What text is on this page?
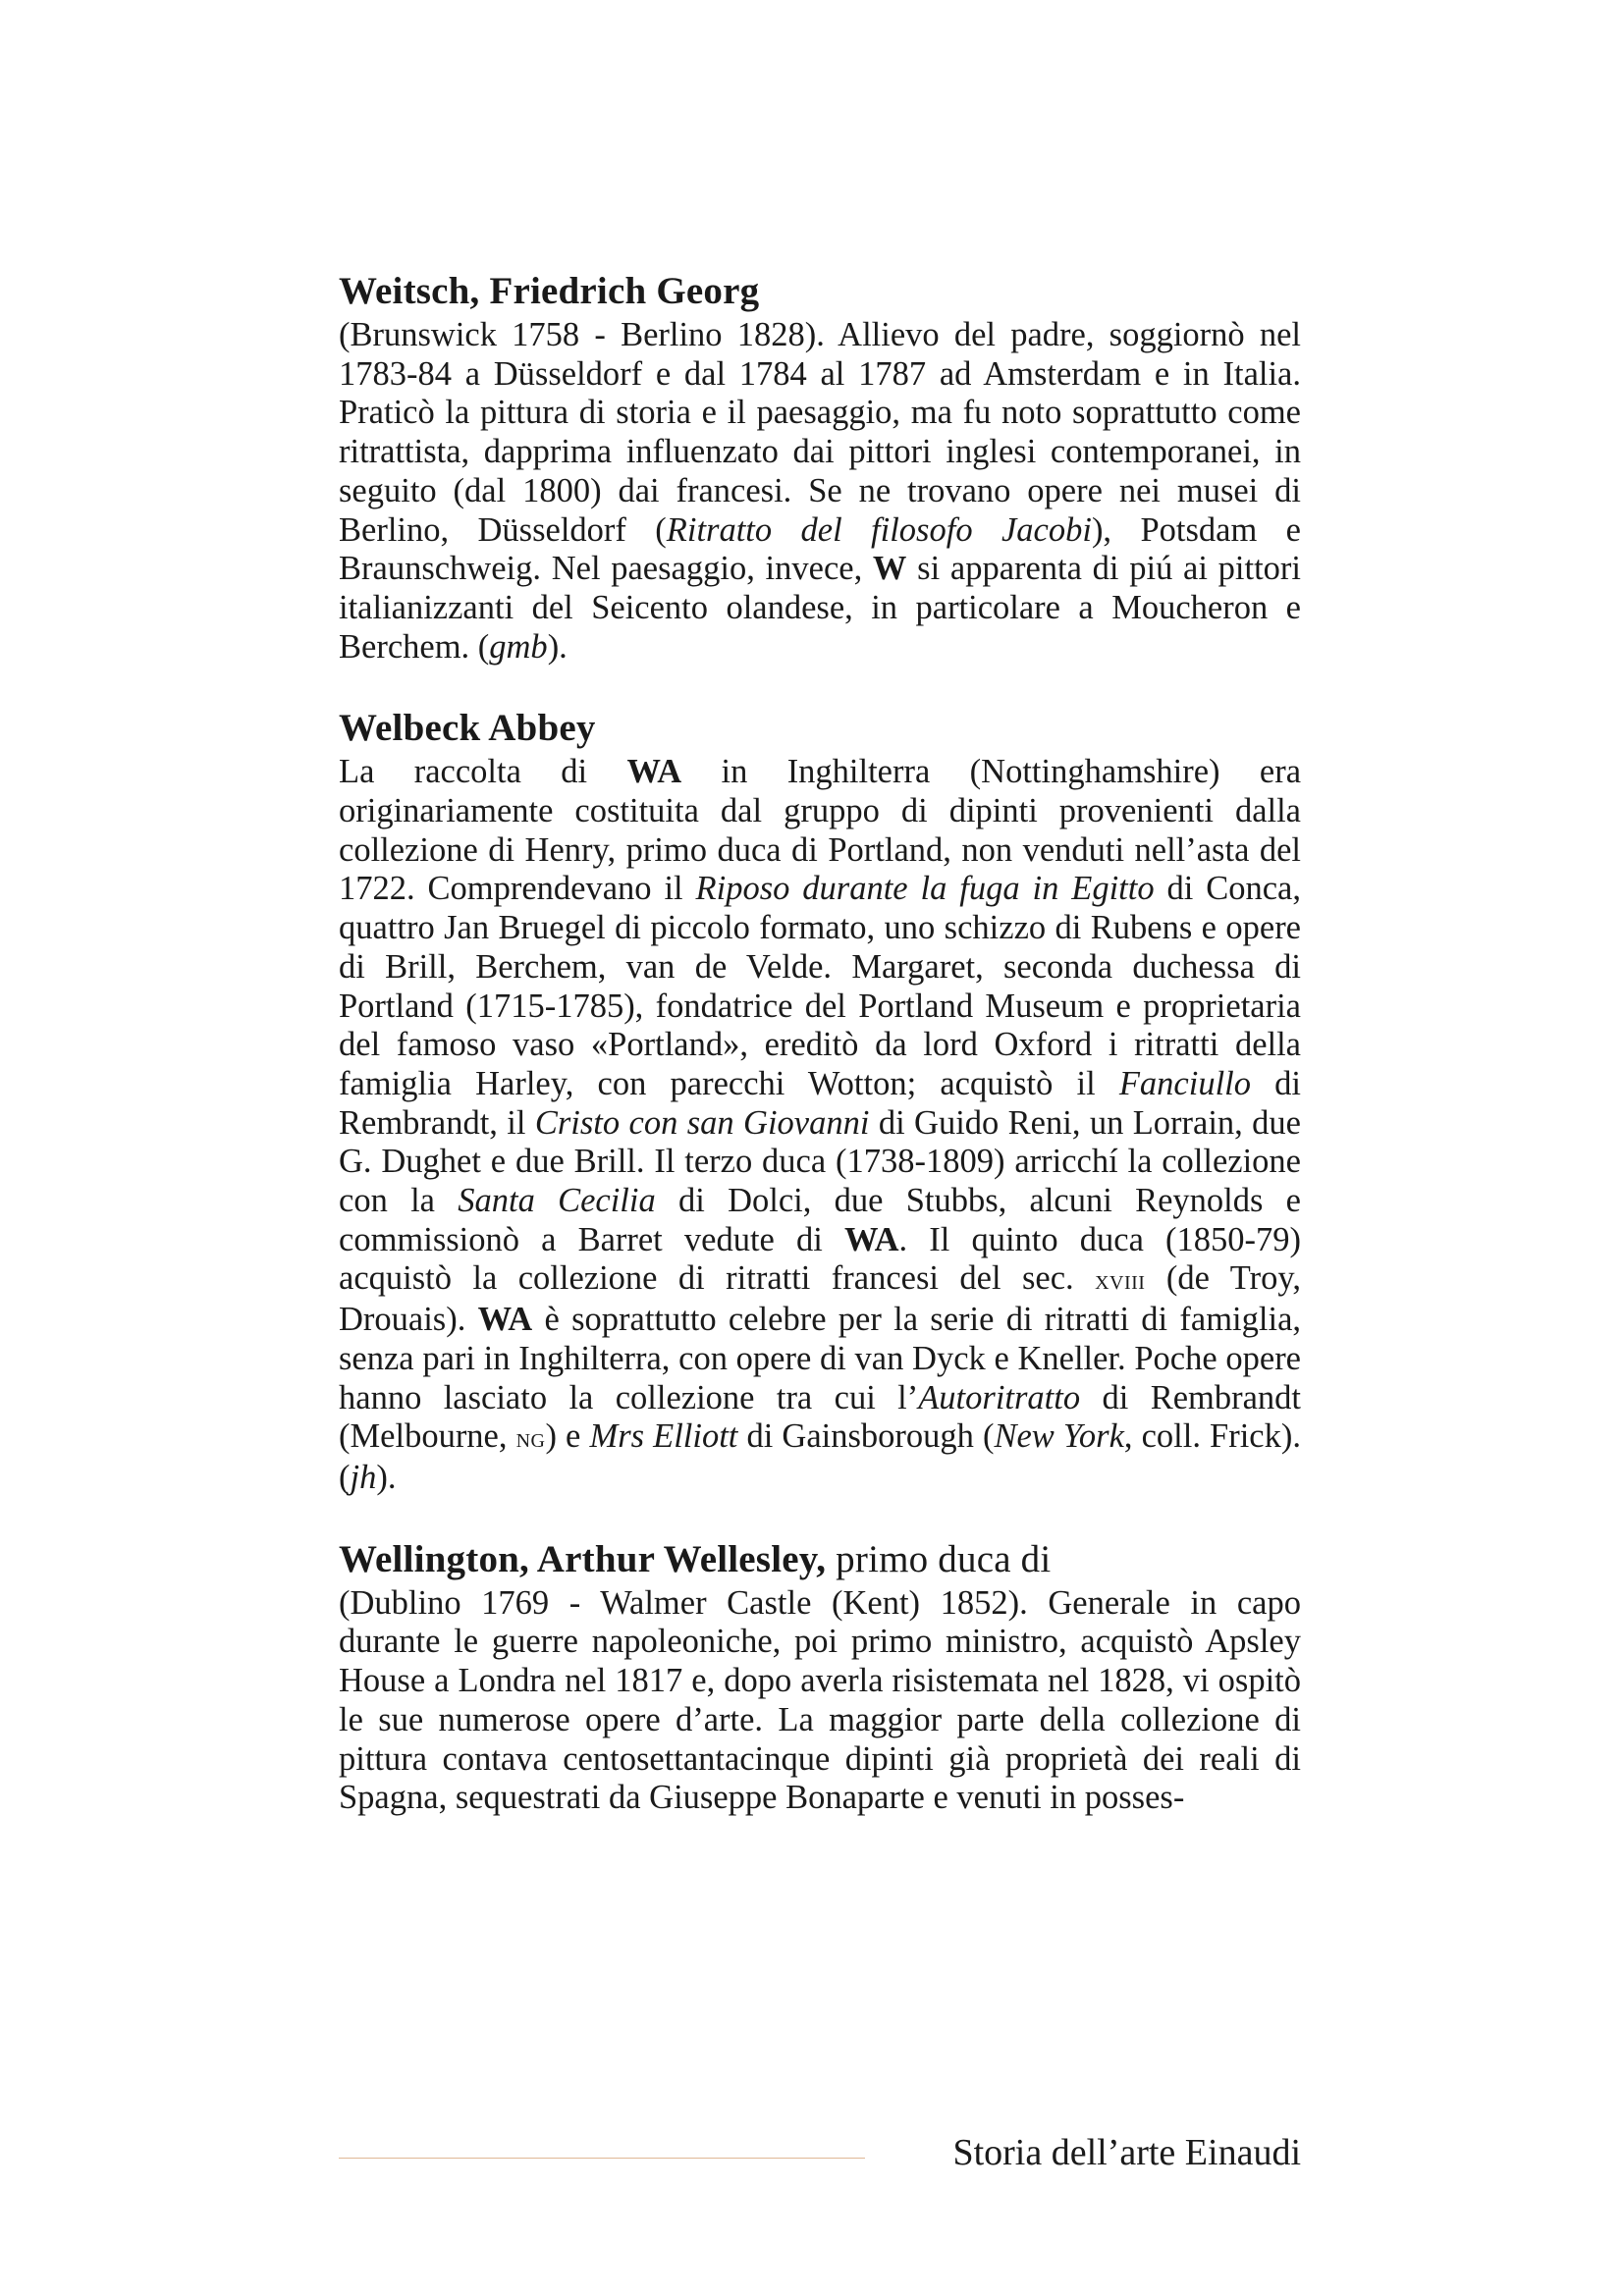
Weitsch, Friedrich Georg

(Brunswick 1758 - Berlino 1828). Allievo del padre, soggiornò nel 1783-84 a Düsseldorf e dal 1784 al 1787 ad Amsterdam e in Italia. Praticò la pittura di storia e il paesaggio, ma fu noto soprattutto come ritrattista, dapprima influenzato dai pittori inglesi contemporanei, in seguito (dal 1800) dai francesi. Se ne trovano opere nei musei di Berlino, Düsseldorf (Ritratto del filosofo Jacobi), Potsdam e Braunschweig. Nel paesaggio, invece, W si apparenta di piú ai pittori italianizzanti del Seicento olandese, in particolare a Moucheron e Berchem. (gmb).

Welbeck Abbey

La raccolta di WA in Inghilterra (Nottinghamshire) era originariamente costituita dal gruppo di dipinti provenienti dalla collezione di Henry, primo duca di Portland, non venduti nell’asta del 1722. Comprendevano il Riposo durante la fuga in Egitto di Conca, quattro Jan Bruegel di piccolo formato, uno schizzo di Rubens e opere di Brill, Berchem, van de Velde. Margaret, seconda duchessa di Portland (1715-1785), fondatrice del Portland Museum e proprietaria del famoso vaso «Portland», ereditò da lord Oxford i ritratti della famiglia Harley, con parecchi Wotton; acquistò il Fanciullo di Rembrandt, il Cristo con san Giovanni di Guido Reni, un Lorrain, due G. Dughet e due Brill. Il terzo duca (1738-1809) arricchí la collezione con la Santa Cecilia di Dolci, due Stubbs, alcuni Reynolds e commissionò a Barret vedute di WA. Il quinto duca (1850-79) acquistò la collezione di ritratti francesi del sec. xviii (de Troy, Drouais). WA è soprattutto celebre per la serie di ritratti di famiglia, senza pari in Inghilterra, con opere di van Dyck e Kneller. Poche opere hanno lasciato la collezione tra cui l’Autoritratto di Rembrandt (Melbourne, ng) e Mrs Elliott di Gainsborough (New York, coll. Frick). (jh).

Wellington, Arthur Wellesley, primo duca di

(Dublino 1769 - Walmer Castle (Kent) 1852). Generale in capo durante le guerre napoleoniche, poi primo ministro, acquistò Apsley House a Londra nel 1817 e, dopo averla risistemata nel 1828, vi ospitò le sue numerose opere d’arte. La maggior parte della collezione di pittura contava centosettantacinque dipinti già proprietà dei reali di Spagna, sequestrati da Giuseppe Bonaparte e venuti in posses-

Storia dell’arte Einaudi
